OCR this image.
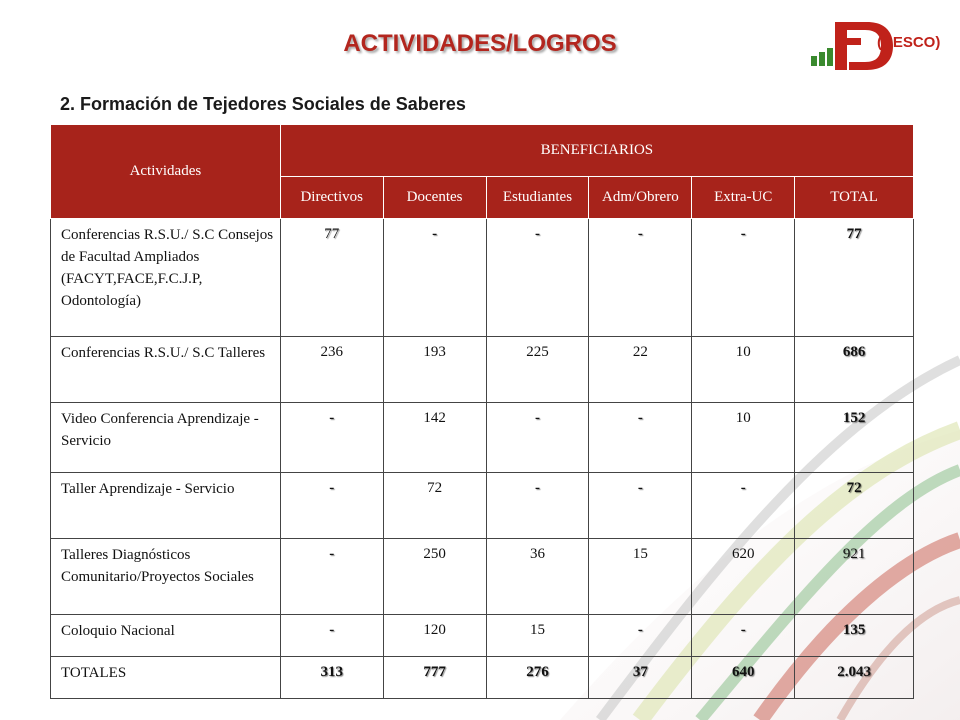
ACTIVIDADES/LOGROS	(DESCO)
2. Formación de Tejedores Sociales de Saberes
Actividades	BENEFICIARIOS					
	Directivos	Docentes	Estudiantes	Adm/Obrero	Extra-UC	TOTAL
Conferencias R.S.U./ S.C Consejos de Facultad Ampliados (FACYT,FACE,F.C.J.P, Odontología)	77	-	-	-	-	77
Conferencias R.S.U./ S.C Talleres	236	193	225	22	10	686
Video Conferencia Aprendizaje -Servicio	-	142	-	-	10	152
Taller Aprendizaje - Servicio	-	72	-	-	-	72
Talleres Diagnósticos Comunitario/Proyectos Sociales	-	250	36	15	620	921
Coloquio Nacional	-	120	15	-	-	135
TOTALES	313	777	276	37	640	2.043
